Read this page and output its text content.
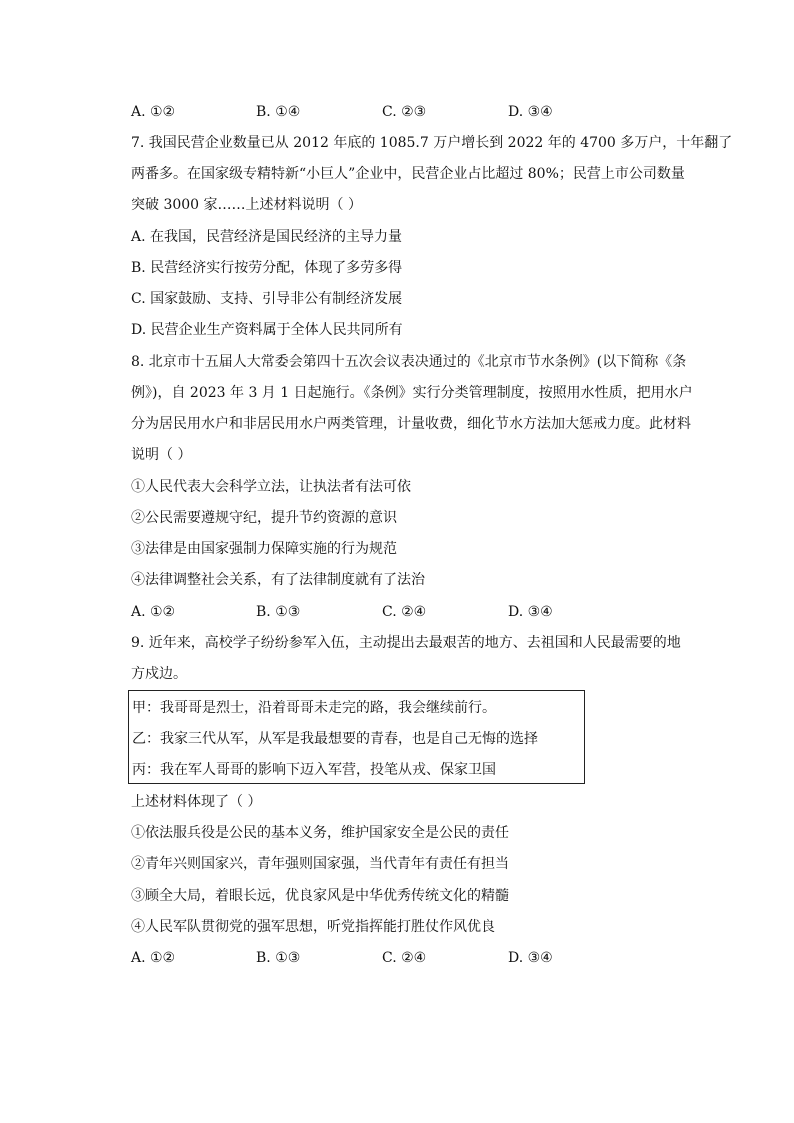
A. ①②	B. ①④	C. ②③	D. ③④
7. 我国民营企业数量已从 2012 年底的 1085.7 万户增长到 2022 年的 4700 多万户，十年翻了
两番多。在国家级专精特新“小巨人”企业中，民营企业占比超过 80%；民营上市公司数量
突破 3000 家……上述材料说明（ ）
A. 在我国，民营经济是国民经济的主导力量
B. 民营经济实行按劳分配，体现了多劳多得
C. 国家鼓励、支持、引导非公有制经济发展
D. 民营企业生产资料属于全体人民共同所有
8. 北京市十五届人大常委会第四十五次会议表决通过的《北京市节水条例》(以下简称《条
例》)，自 2023 年 3 月 1 日起施行。《条例》实行分类管理制度，按照用水性质，把用水户
分为居民用水户和非居民用水户两类管理，计量收费，细化节水方法加大惩戒力度。此材料
说明（ ）
①人民代表大会科学立法，让执法者有法可依
②公民需要遵规守纪，提升节约资源的意识
③法律是由国家强制力保障实施的行为规范
④法律调整社会关系，有了法律制度就有了法治
A. ①②	B. ①③	C. ②④	D. ③④
9. 近年来，高校学子纷纷参军入伍，主动提出去最艰苦的地方、去祖国和人民最需要的地
方戍边。
甲：我哥哥是烈士，沿着哥哥未走完的路，我会继续前行。
乙：我家三代从军，从军是我最想要的青春，也是自己无悔的选择
丙：我在军人哥哥的影响下迈入军营，投笔从戎、保家卫国
上述材料体现了（ ）
①依法服兵役是公民的基本义务，维护国家安全是公民的责任
②青年兴则国家兴，青年强则国家强，当代青年有责任有担当
③顾全大局，着眼长远，优良家风是中华优秀传统文化的精髓
④人民军队贯彻党的强军思想，听党指挥能打胜仗作风优良
A. ①②	B. ①③	C. ②④	D. ③④
